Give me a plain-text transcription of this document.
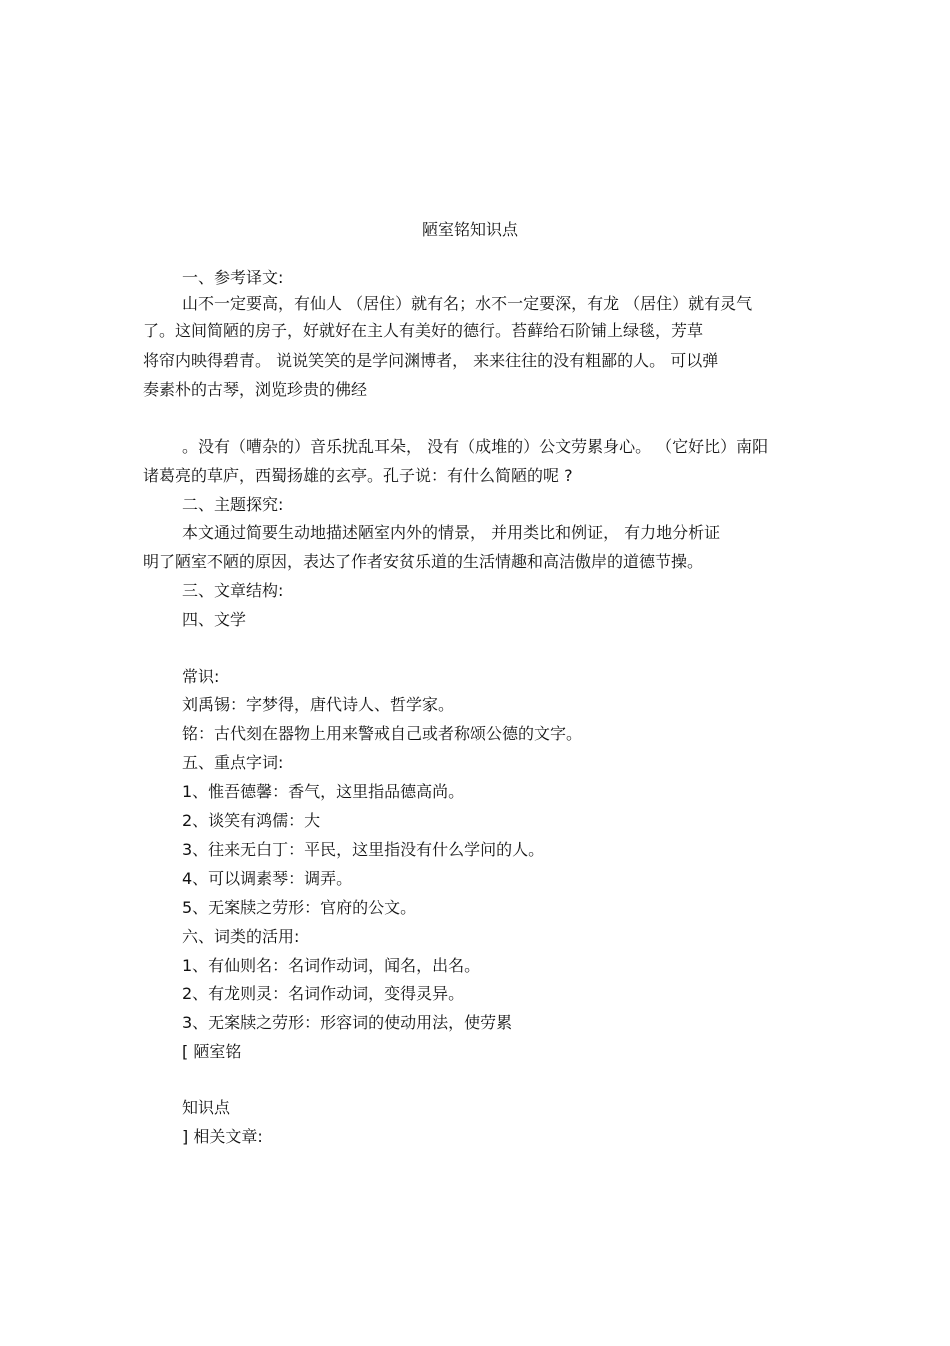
陋室铭知识点
一、参考译文:
山不一定要高，有仙人 （居住）就有名；水不一定要深，有龙 （居住）就有灵气
了。这间简陋的房子，好就好在主人有美好的德行。苔藓给石阶铺上绿毯，芳草
将帘内映得碧青。 说说笑笑的是学问渊博者， 来来往往的没有粗鄙的人。 可以弹
奏素朴的古琴，浏览珍贵的佛经
。没有（嘈杂的）音乐扰乱耳朵， 没有（成堆的）公文劳累身心。 （它好比）南阳
诸葛亮的草庐，西蜀扬雄的玄亭。孔子说：有什么简陋的呢 ?
二、主题探究:
本文通过简要生动地描述陋室内外的情景， 并用类比和例证， 有力地分析证
明了陋室不陋的原因，表达了作者安贫乐道的生活情趣和高洁傲岸的道德节操。
三、文章结构:
四、文学
常识:
刘禹锡：字梦得，唐代诗人、哲学家。
铭：古代刻在器物上用来警戒自己或者称颂公德的文字。
五、重点字词:
1、惟吾德馨：香气，这里指品德高尚。
2、谈笑有鸿儒：大
3、往来无白丁：平民，这里指没有什么学问的人。
4、可以调素琴：调弄。
5、无案牍之劳形：官府的公文。
六、词类的活用:
1、有仙则名：名词作动词，闻名，出名。
2、有龙则灵：名词作动词，变得灵异。
3、无案牍之劳形：形容词的使动用法，使劳累
[ 陋室铭
知识点
] 相关文章:
